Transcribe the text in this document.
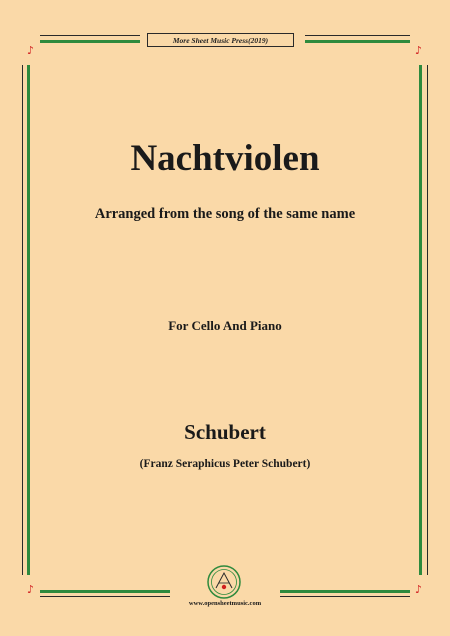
♪	♪
♪	♪
More Sheet Music Press(2019)
Nachtviolen
Arranged from the song of the same name
For Cello And Piano
Schubert
(Franz Seraphicus Peter Schubert)
www.opensheetmusic.com
